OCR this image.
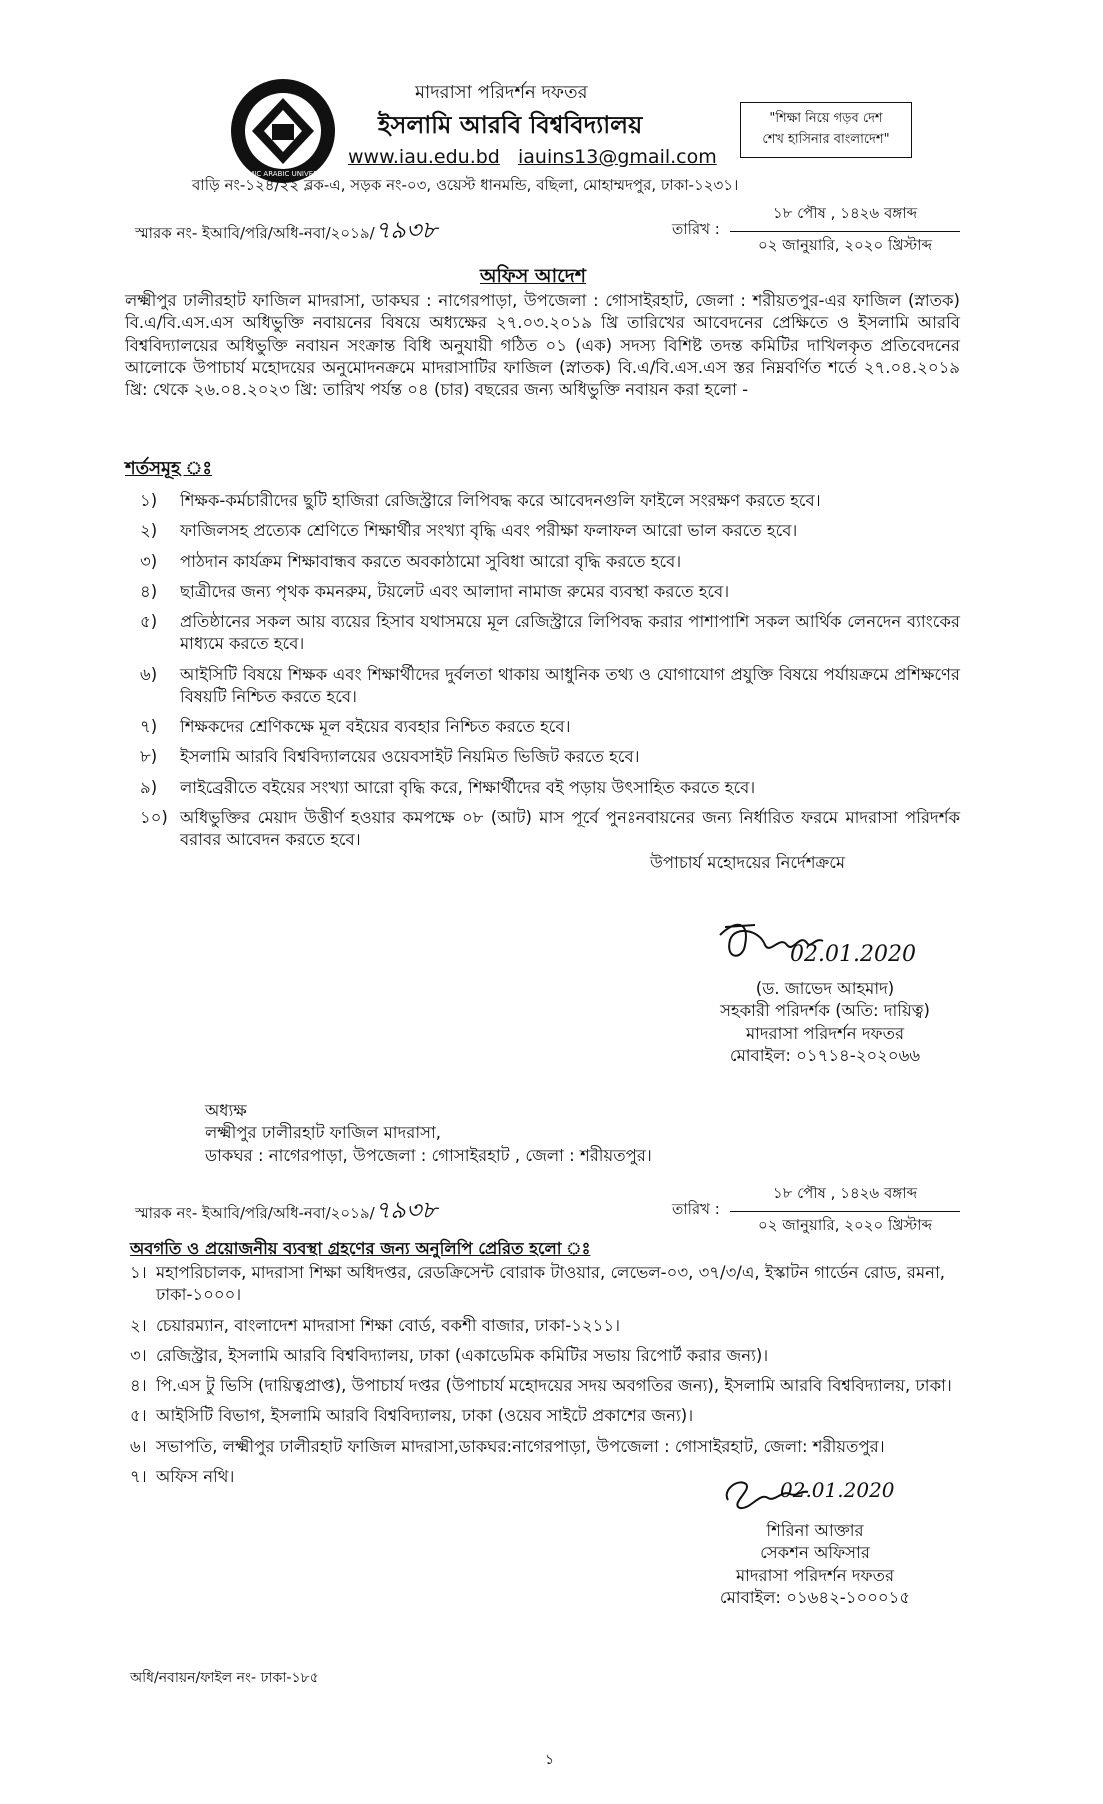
ISLAMIC ARABIC UNIVERSITY
মাদরাসা পরিদর্শন দফতর
ইসলামি আরবি বিশ্ববিদ্যালয়
www.iau.edu.bd iauins13@gmail.com
বাড়ি নং-১২৪/২২ ব্লক-এ, সড়ক নং-০৩, ওয়েস্ট ধানমন্ডি, বছিলা, মোহাম্মদপুর, ঢাকা-১২৩১।
"শিক্ষা নিয়ে গড়ব দেশ
শেখ হাসিনার বাংলাদেশ"
স্মারক নং- ইআবি/পরি/অধি-নবা/২০১৯/৭৯৩৮	তারিখ :
১৮ পৌষ , ১৪২৬ বঙ্গাব্দ
০২ জানুয়ারি, ২০২০ খ্রিস্টাব্দ
অফিস আদেশ
লক্ষ্মীপুর ঢালীরহাট ফাজিল মাদরাসা, ডাকঘর : নাগেরপাড়া, উপজেলা : গোসাইরহাট, জেলা : শরীয়তপুর-এর ফাজিল (স্নাতক) বি.এ/বি.এস.এস অধিভুক্তি নবায়নের বিষয়ে অধ্যক্ষের ২৭.০৩.২০১৯ খ্রি তারিখের আবেদনের প্রেক্ষিতে ও ইসলামি আরবি বিশ্ববিদ্যালয়ের অধিভুক্তি নবায়ন সংক্রান্ত বিধি অনুযায়ী গঠিত ০১ (এক) সদস্য বিশিষ্ট তদন্ত কমিটির দাখিলকৃত প্রতিবেদনের আলোকে উপাচার্য মহোদয়ের অনুমোদনক্রমে মাদরাসাটির ফাজিল (স্নাতক) বি.এ/বি.এস.এস স্তর নিম্নবর্ণিত শর্তে ২৭.০৪.২০১৯ খ্রি: থেকে ২৬.০৪.২০২৩ খ্রি: তারিখ পর্যন্ত ০৪ (চার) বছরের জন্য অধিভুক্তি নবায়ন করা হলো -
শর্তসমূহ ঃ
১)	শিক্ষক-কর্মচারীদের ছুটি হাজিরা রেজিস্ট্রারে লিপিবদ্ধ করে আবেদনগুলি ফাইলে সংরক্ষণ করতে হবে।
২)	ফাজিলসহ প্রত্যেক শ্রেণিতে শিক্ষার্থীর সংখ্যা বৃদ্ধি এবং পরীক্ষা ফলাফল আরো ভাল করতে হবে।
৩)	পাঠদান কার্যক্রম শিক্ষাবান্ধব করতে অবকাঠামো সুবিধা আরো বৃদ্ধি করতে হবে।
৪)	ছাত্রীদের জন্য পৃথক কমনরুম, টয়লেট এবং আলাদা নামাজ রুমের ব্যবস্থা করতে হবে।
৫)	প্রতিষ্ঠানের সকল আয় ব্যয়ের হিসাব যথাসময়ে মূল রেজিস্ট্রারে লিপিবদ্ধ করার পাশাপাশি সকল আর্থিক লেনদেন ব্যাংকের মাধ্যমে করতে হবে।
৬)	আইসিটি বিষয়ে শিক্ষক এবং শিক্ষার্থীদের দুর্বলতা থাকায় আধুনিক তথ্য ও যোগাযোগ প্রযুক্তি বিষয়ে পর্যায়ক্রমে প্রশিক্ষণের বিষয়টি নিশ্চিত করতে হবে।
৭)	শিক্ষকদের শ্রেণিকক্ষে মূল বইয়ের ব্যবহার নিশ্চিত করতে হবে।
৮)	ইসলামি আরবি বিশ্ববিদ্যালয়ের ওয়েবসাইট নিয়মিত ভিজিট করতে হবে।
৯)	লাইব্রেরীতে বইয়ের সংখ্যা আরো বৃদ্ধি করে, শিক্ষার্থীদের বই পড়ায় উৎসাহিত করতে হবে।
১০) অধিভুক্তির মেয়াদ উত্তীর্ণ হওয়ার কমপক্ষে ০৮ (আট) মাস পূর্বে পুনঃনবায়নের জন্য নির্ধারিত ফরমে মাদরাসা পরিদর্শক বরাবর আবেদন করতে হবে।
উপাচার্য মহোদয়ের নির্দেশক্রমে
02.01.2020
(ড. জাভেদ আহমাদ)
সহকারী পরিদর্শক (অতি: দায়িত্ব)
মাদরাসা পরিদর্শন দফতর
মোবাইল: ০১৭১৪-২০২০৬৬
অধ্যক্ষ
লক্ষ্মীপুর ঢালীরহাট ফাজিল মাদরাসা,
ডাকঘর : নাগেরপাড়া, উপজেলা : গোসাইরহাট , জেলা : শরীয়তপুর।
স্মারক নং- ইআবি/পরি/অধি-নবা/২০১৯/৭৯৩৮	তারিখ :
১৮ পৌষ , ১৪২৬ বঙ্গাব্দ
০২ জানুয়ারি, ২০২০ খ্রিস্টাব্দ
অবগতি ও প্রয়োজনীয় ব্যবস্থা গ্রহণের জন্য অনুলিপি প্রেরিত হলো ঃ
১। মহাপরিচালক, মাদরাসা শিক্ষা অধিদপ্তর, রেডক্রিসেন্ট বোরাক টাওয়ার, লেভেল-০৩, ৩৭/৩/এ, ইস্কাটন গার্ডেন রোড, রমনা, ঢাকা-১০০০।
২। চেয়ারম্যান, বাংলাদেশ মাদরাসা শিক্ষা বোর্ড, বকশী বাজার, ঢাকা-১২১১।
৩। রেজিস্ট্রার, ইসলামি আরবি বিশ্ববিদ্যালয়, ঢাকা (একাডেমিক কমিটির সভায় রিপোর্ট করার জন্য)।
৪। পি.এস টু ভিসি (দায়িত্বপ্রাপ্ত), উপাচার্য দপ্তর (উপাচার্য মহোদয়ের সদয় অবগতির জন্য), ইসলামি আরবি বিশ্ববিদ্যালয়, ঢাকা।
৫। আইসিটি বিভাগ, ইসলামি আরবি বিশ্ববিদ্যালয়, ঢাকা (ওয়েব সাইটে প্রকাশের জন্য)।
৬। সভাপতি, লক্ষ্মীপুর ঢালীরহাট ফাজিল মাদরাসা,ডাকঘর:নাগেরপাড়া, উপজেলা : গোসাইরহাট, জেলা: শরীয়তপুর।
৭। অফিস নথি।
02.01.2020
শিরিনা আক্তার
সেকশন অফিসার
মাদরাসা পরিদর্শন দফতর
মোবাইল: ০১৬৪২-১০০০১৫
অধি/নবায়ন/ফাইল নং- ঢাকা-১৮৫
১
